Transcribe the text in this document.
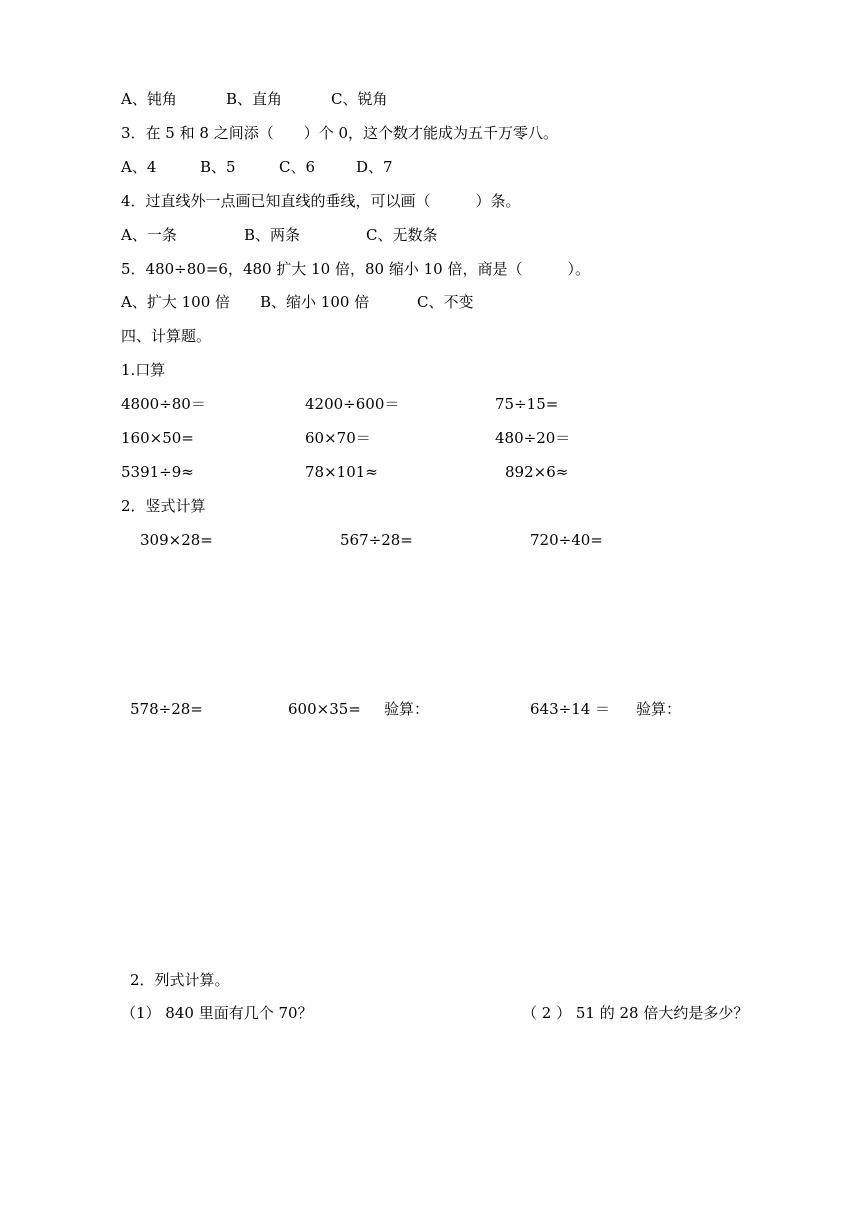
A、钝角	B、直角	C、锐角
3．在 5 和 8 之间添（　　）个 0，这个数才能成为五千万零八。
A、4	B、5	C、6	D、7
4．过直线外一点画已知直线的垂线，可以画（　　　）条。
A、一条	B、两条	C、无数条
5．480÷80=6，480 扩大 10 倍，80 缩小 10 倍，商是（　　　）。
A、扩大 100 倍 B、缩小 100 倍	C、不变
四、计算题。
1.口算
4800÷80＝	4200÷600＝	75÷15=
160×50=	60×70＝	480÷20＝
5391÷9≈	78×101≈	892×6≈
2．竖式计算
309×28=	567÷28=	720÷40=
578÷28=	600×35= 验算：	643÷14 ＝ 验算：
2．列式计算。
（1） 840 里面有几个 70？	（ 2 ） 51 的 28 倍大约是多少？
